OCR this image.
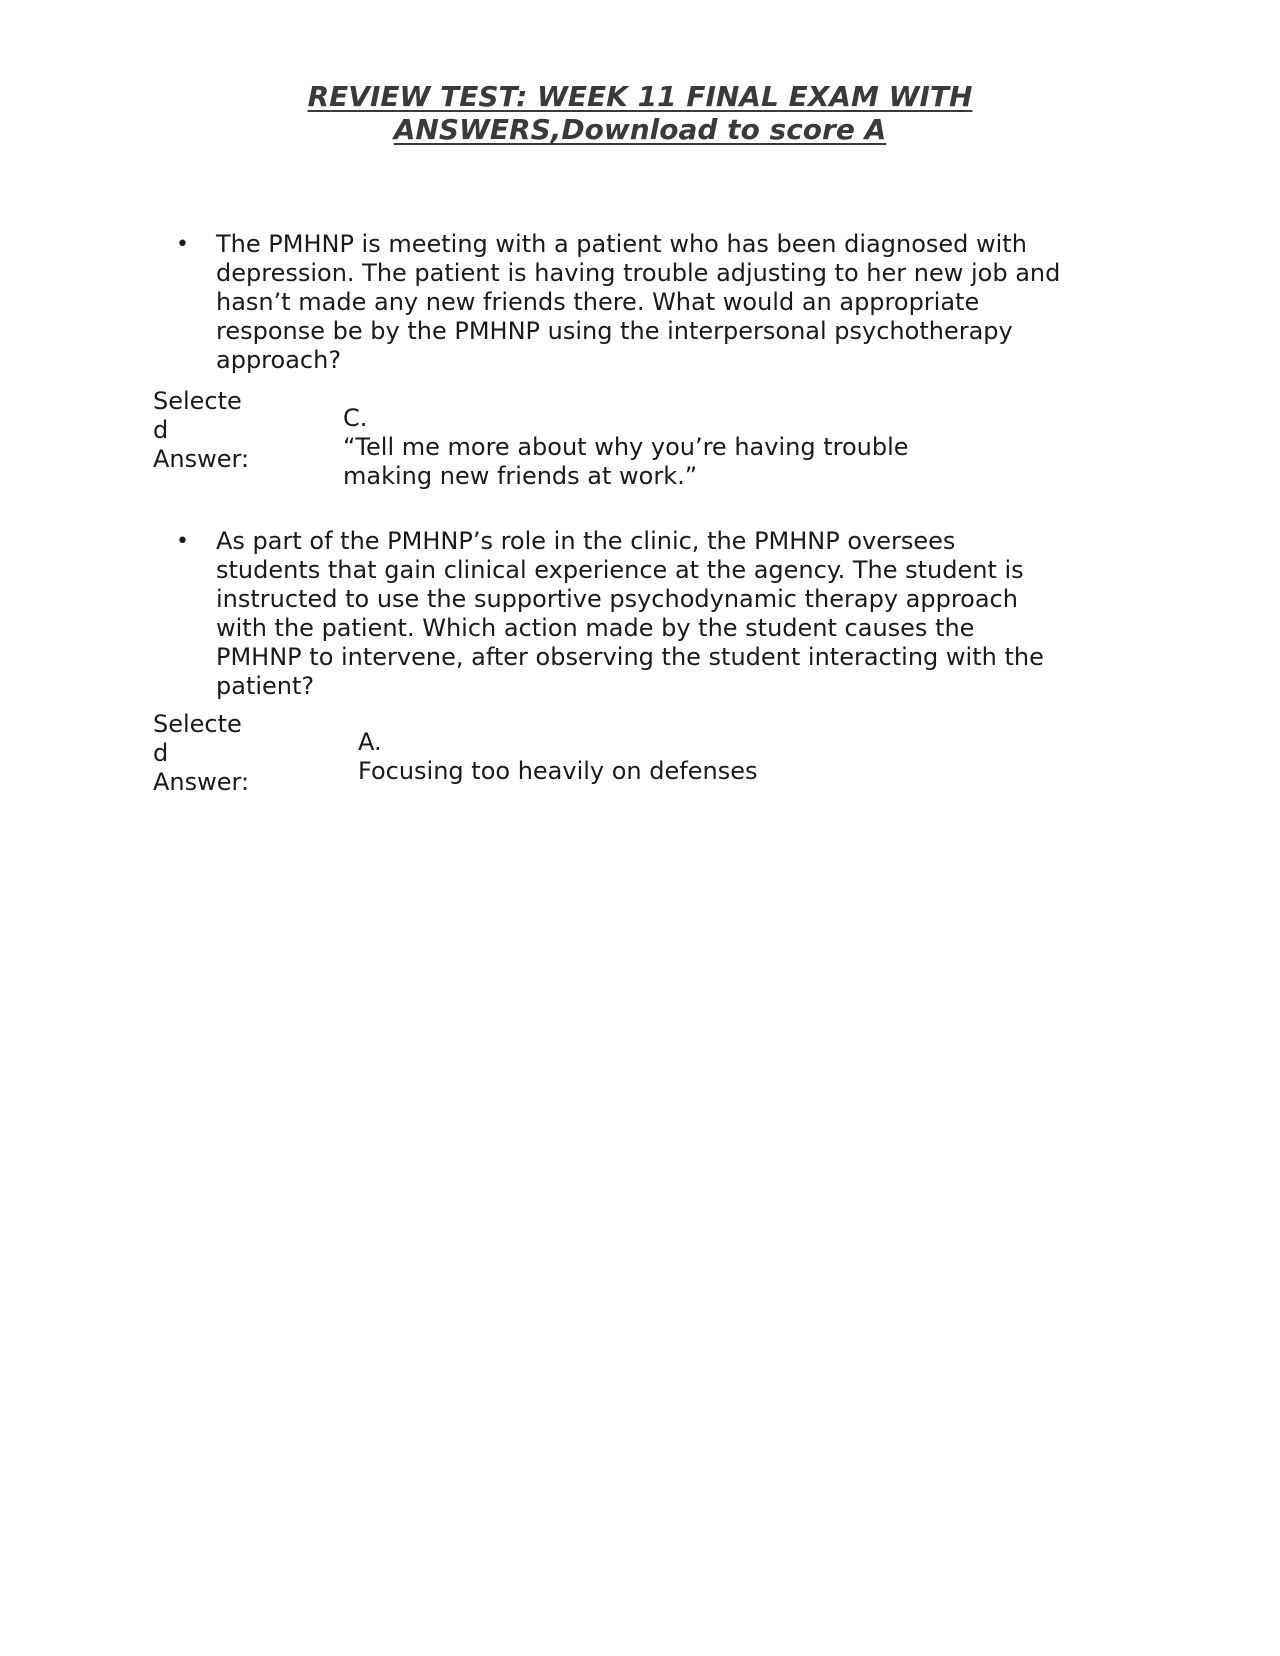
REVIEW TEST: WEEK 11 FINAL EXAM WITH
ANSWERS,Download to score A
• The PMHNP is meeting with a patient who has been diagnosed with depression. The patient is having trouble adjusting to her new job and hasn’t made any new friends there. What would an appropriate response be by the PMHNP using the interpersonal psychotherapy approach?

Selecte
d
Answer:
C.
“Tell me more about why you’re having trouble making new friends at work.”
• As part of the PMHNP’s role in the clinic, the PMHNP oversees students that gain clinical experience at the agency. The student is instructed to use the supportive psychodynamic therapy approach with the patient. Which action made by the student causes the PMHNP to intervene, after observing the student interacting with the patient?

Selecte
d
Answer:
A.
Focusing too heavily on defenses
